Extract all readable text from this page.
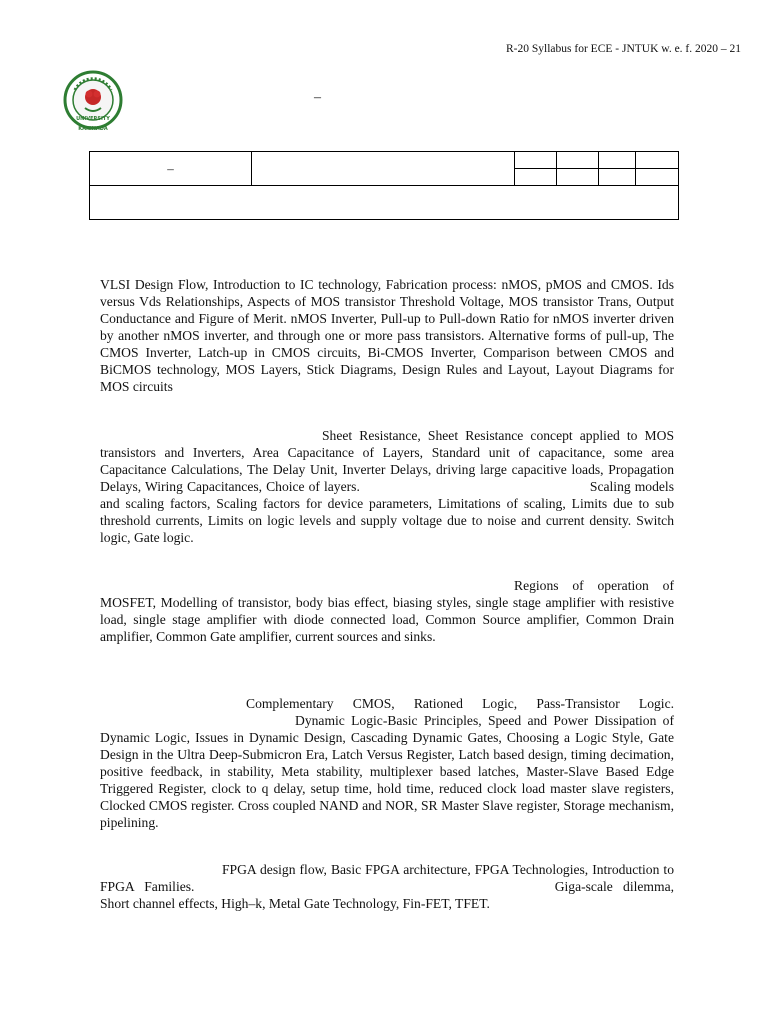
R-20 Syllabus for ECE - JNTUK w. e. f. 2020 – 21
UNIVERSITY
KAKINADA
–
–					

VLSI Design Flow, Introduction to IC technology, Fabrication process: nMOS, pMOS and CMOS. Ids versus Vds Relationships, Aspects of MOS transistor Threshold Voltage, MOS transistor Trans, Output Conductance and Figure of Merit. nMOS Inverter, Pull-up to Pull-down Ratio for nMOS inverter driven by another nMOS inverter, and through one or more pass transistors. Alternative forms of pull-up, The CMOS Inverter, Latch-up in CMOS circuits, Bi-CMOS Inverter, Comparison between CMOS and BiCMOS technology, MOS Layers, Stick Diagrams, Design Rules and Layout, Layout Diagrams for MOS circuits

Sheet Resistance, Sheet Resistance concept applied to MOS transistors and Inverters, Area Capacitance of Layers, Standard unit of capacitance, some area Capacitance Calculations, The Delay Unit, Inverter Delays, driving large capacitive loads, Propagation Delays, Wiring Capacitances, Choice of layers.	Scaling models and scaling factors, Scaling factors for device parameters, Limitations of scaling, Limits due to sub threshold currents, Limits on logic levels and supply voltage due to noise and current density. Switch logic, Gate logic.

Regions of operation of MOSFET, Modelling of transistor, body bias effect, biasing styles, single stage amplifier with resistive load, single stage amplifier with diode connected load, Common Source amplifier, Common Drain amplifier, Common Gate amplifier, current sources and sinks.

Complementary CMOS, Rationed Logic, Pass-Transistor Logic. Dynamic Logic-Basic Principles, Speed and Power Dissipation of Dynamic Logic, Issues in Dynamic Design, Cascading Dynamic Gates, Choosing a Logic Style, Gate Design in the Ultra Deep-Submicron Era, Latch Versus Register, Latch based design, timing decimation, positive feedback, in stability, Meta stability, multiplexer based latches, Master-Slave Based Edge Triggered Register, clock to q delay, setup time, hold time, reduced clock load master slave registers, Clocked CMOS register. Cross coupled NAND and NOR, SR Master Slave register, Storage mechanism, pipelining.

FPGA design flow, Basic FPGA architecture, FPGA Technologies, Introduction to FPGA Families.	Giga-scale dilemma, Short channel effects, High–k, Metal Gate Technology, Fin-FET, TFET.
